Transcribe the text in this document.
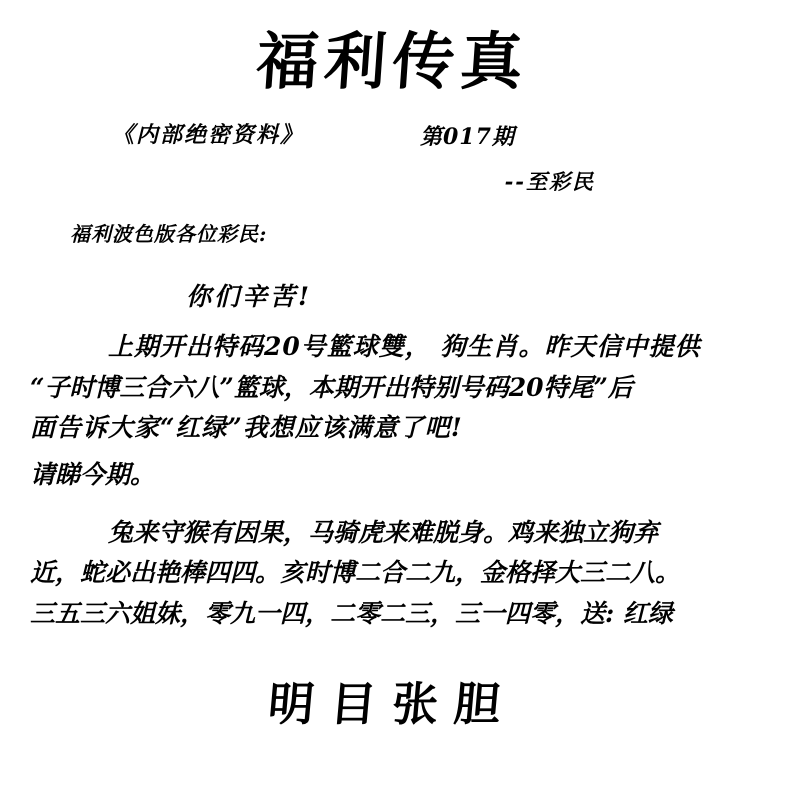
福利传真
《内部绝密资料》	第017期
--至彩民
福利波色版各位彩民:
你们辛苦!

上期开出特码20号籃球雙， 狗生肖。昨天信中提供

“子时博三合六八”籃球，本期开出特别号码20特尾”后

面告诉大家“红绿”我想应该满意了吧!

请睇今期。

兔来守猴有因果，马骑虎来难脱身。鸡来独立狗弃

近，蛇必出艳棒四四。亥时博二合二九，金格择大三二八。

三五三六姐妹，零九一四，二零二三，三一四零，送: 红绿

明目张胆
